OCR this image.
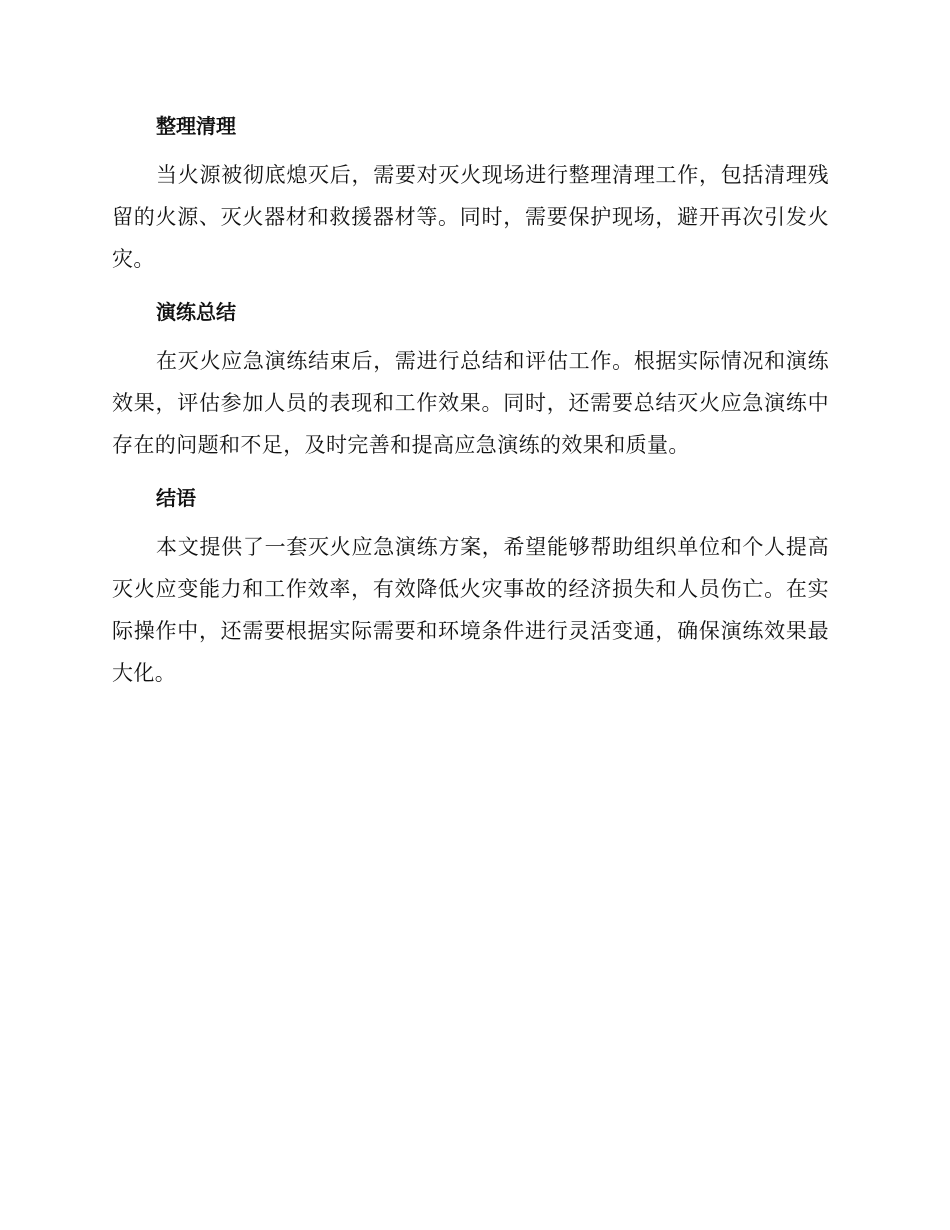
整理清理

当火源被彻底熄灭后，需要对灭火现场进行整理清理工作，包括清理残留的火源、灭火器材和救援器材等。同时，需要保护现场，避开再次引发火灾。

演练总结

在灭火应急演练结束后，需进行总结和评估工作。根据实际情况和演练效果，评估参加人员的表现和工作效果。同时，还需要总结灭火应急演练中存在的问题和不足，及时完善和提高应急演练的效果和质量。

结语

本文提供了一套灭火应急演练方案，希望能够帮助组织单位和个人提高灭火应变能力和工作效率，有效降低火灾事故的经济损失和人员伤亡。在实际操作中，还需要根据实际需要和环境条件进行灵活变通，确保演练效果最大化。
